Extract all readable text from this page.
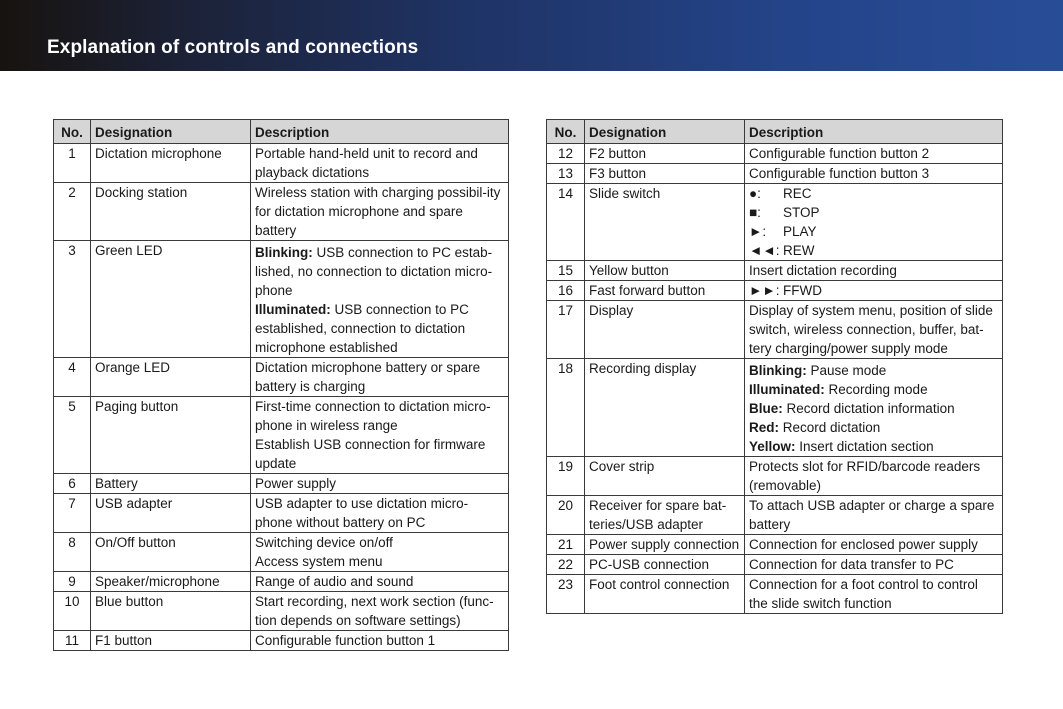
Explanation of controls and connections
No.	Designation	Description
1	Dictation microphone	Portable hand-held unit to record and playback dictations

2	Docking station	Wireless station with charging possibil-ity for dictation microphone and spare battery

3	Green LED	Blinking: USB connection to PC estab-lished, no connection to dictation micro-phone
Illuminated: USB connection to PC established, connection to dictation microphone established

4	Orange LED	Dictation microphone battery or spare battery is charging

5	Paging button	First-time connection to dictation micro-phone in wireless range
Establish USB connection for firmware update

6	Battery	Power supply

7	USB adapter	USB adapter to use dictation micro-phone without battery on PC

8	On/Off button	Switching device on/off
Access system menu

9	Speaker/microphone	Range of audio and sound

10	Blue button	Start recording, next work section (func-tion depends on software settings)

11	F1 button	Configurable function button 1
No.	Designation	Description
12	F2 button	Configurable function button 2

13	F3 button	Configurable function button 3

14	Slide switch	●: REC
■: STOP
►: PLAY
◄◄: REW

15	Yellow button	Insert dictation recording

16	Fast forward button	►►: FFWD

17	Display	Display of system menu, position of slide switch, wireless connection, buffer, bat-tery charging/power supply mode

18	Recording display	Blinking: Pause mode
Illuminated: Recording mode
Blue: Record dictation information
Red: Record dictation
Yellow: Insert dictation section

19	Cover strip	Protects slot for RFID/barcode readers (removable)

20	Receiver for spare bat-teries/USB adapter	To attach USB adapter or charge a spare battery

21	Power supply connection	Connection for enclosed power supply

22	PC-USB connection	Connection for data transfer to PC

23	Foot control connection	Connection for a foot control to control the slide switch function
